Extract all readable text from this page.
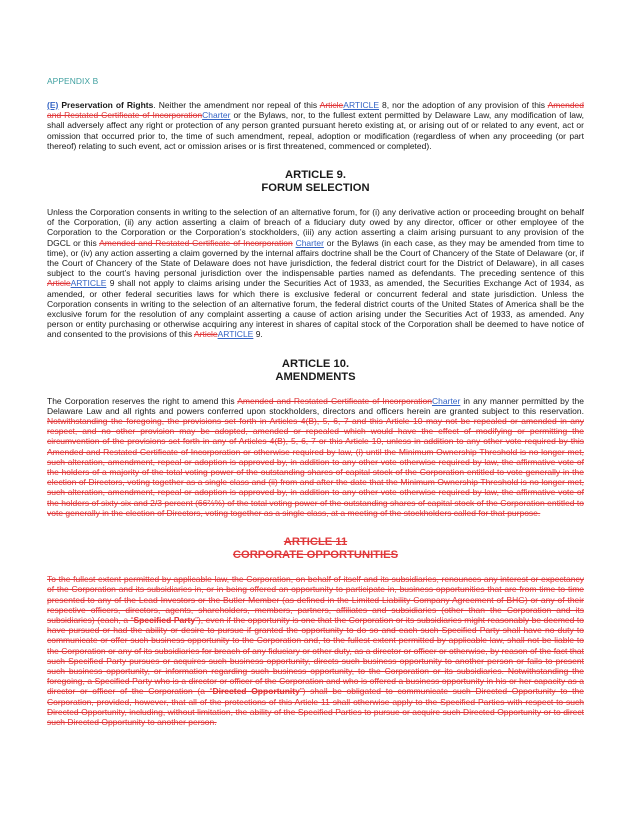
APPENDIX B

(E) Preservation of Rights. Neither the amendment nor repeal of this ArticleARTICLE 8, nor the adoption of any provision of this Amended and Restated Certificate of IncorporationCharter or the Bylaws, nor, to the fullest extent permitted by Delaware Law, any modification of law, shall adversely affect any right or protection of any person granted pursuant hereto existing at, or arising out of or related to any event, act or omission that occurred prior to, the time of such amendment, repeal, adoption or modification (regardless of when any proceeding (or part thereof) relating to such event, act or omission arises or is first threatened, commenced or completed).

ARTICLE 9.
FORUM SELECTION

Unless the Corporation consents in writing to the selection of an alternative forum, for (i) any derivative action or proceeding brought on behalf of the Corporation, (ii) any action asserting a claim of breach of a fiduciary duty owed by any director, officer or other employee of the Corporation to the Corporation or the Corporation’s stockholders, (iii) any action asserting a claim arising pursuant to any provision of the DGCL or this Amended and Restated Certificate of Incorporation Charter or the Bylaws (in each case, as they may be amended from time to time), or (iv) any action asserting a claim governed by the internal affairs doctrine shall be the Court of Chancery of the State of Delaware (or, if the Court of Chancery of the State of Delaware does not have jurisdiction, the federal district court for the District of Delaware), in all cases subject to the court’s having personal jurisdiction over the indispensable parties named as defendants. The preceding sentence of this ArticleARTICLE 9 shall not apply to claims arising under the Securities Act of 1933, as amended, the Securities Exchange Act of 1934, as amended, or other federal securities laws for which there is exclusive federal or concurrent federal and state jurisdiction. Unless the Corporation consents in writing to the selection of an alternative forum, the federal district courts of the United States of America shall be the exclusive forum for the resolution of any complaint asserting a cause of action arising under the Securities Act of 1933, as amended. Any person or entity purchasing or otherwise acquiring any interest in shares of capital stock of the Corporation shall be deemed to have notice of and consented to the provisions of this ArticleARTICLE 9.

ARTICLE 10.
AMENDMENTS

The Corporation reserves the right to amend this Amended and Restated Certificate of IncorporationCharter in any manner permitted by the Delaware Law and all rights and powers conferred upon stockholders, directors and officers herein are granted subject to this reservation. Notwithstanding the foregoing, the provisions set forth in Articles 4(B), 5, 6, 7 and this Article 10 may not be repealed or amended in any respect, and no other provision may be adopted, amended or repealed which would have the effect of modifying or permitting the circumvention of the provisions set forth in any of Articles 4(B), 5, 6, 7 or this Article 10, unless in addition to any other vote required by this Amended and Restated Certificate of Incorporation or otherwise required by law, (i) until the Minimum Ownership Threshold is no longer met, such alteration, amendment, repeal or adoption is approved by, in addition to any other vote otherwise required by law, the affirmative vote of the holders of a majority of the total voting power of the outstanding shares of capital stock of the Corporation entitled to vote generally in the election of Directors, voting together as a single class and (ii) from and after the date that the Minimum Ownership Threshold is no longer met, such alteration, amendment, repeal or adoption is approved by, in addition to any other vote otherwise required by law, the affirmative vote of the holders of sixty-six and 2/3 percent (66⅔%) of the total voting power of the outstanding shares of capital stock of the Corporation entitled to vote generally in the election of Directors, voting together as a single class, at a meeting of the stockholders called for that purpose.

ARTICLE 11
CORPORATE OPPORTUNITIES

To the fullest extent permitted by applicable law, the Corporation, on behalf of itself and its subsidiaries, renounces any interest or expectancy of the Corporation and its subsidiaries in, or in being offered an opportunity to participate in, business opportunities that are from time to time presented to any of the Lead Investors or the Butler Member (as defined in the Limited Liability Company Agreement of BHG) or any of their respective officers, directors, agents, shareholders, members, partners, affiliates and subsidiaries (other than the Corporation and its subsidiaries) (each, a “Specified Party”), even if the opportunity is one that the Corporation or its subsidiaries might reasonably be deemed to have pursued or had the ability or desire to pursue if granted the opportunity to do so and each such Specified Party shall have no duty to communicate or offer such business opportunity to the Corporation and, to the fullest extent permitted by applicable law, shall not be liable to the Corporation or any of its subsidiaries for breach of any fiduciary or other duty, as a director or officer or otherwise, by reason of the fact that such Specified Party pursues or acquires such business opportunity, directs such business opportunity to another person or fails to present such business opportunity, or information regarding such business opportunity, to the Corporation or its subsidiaries. Notwithstanding the foregoing, a Specified Party who is a director or officer of the Corporation and who is offered a business opportunity in his or her capacity as a director or officer of the Corporation (a “Directed Opportunity”) shall be obligated to communicate such Directed Opportunity to the Corporation, provided, however, that all of the protections of this Article 11 shall otherwise apply to the Specified Parties with respect to such Directed Opportunity, including, without limitation, the ability of the Specified Parties to pursue or acquire such Directed Opportunity or to direct such Directed Opportunity to another person.
